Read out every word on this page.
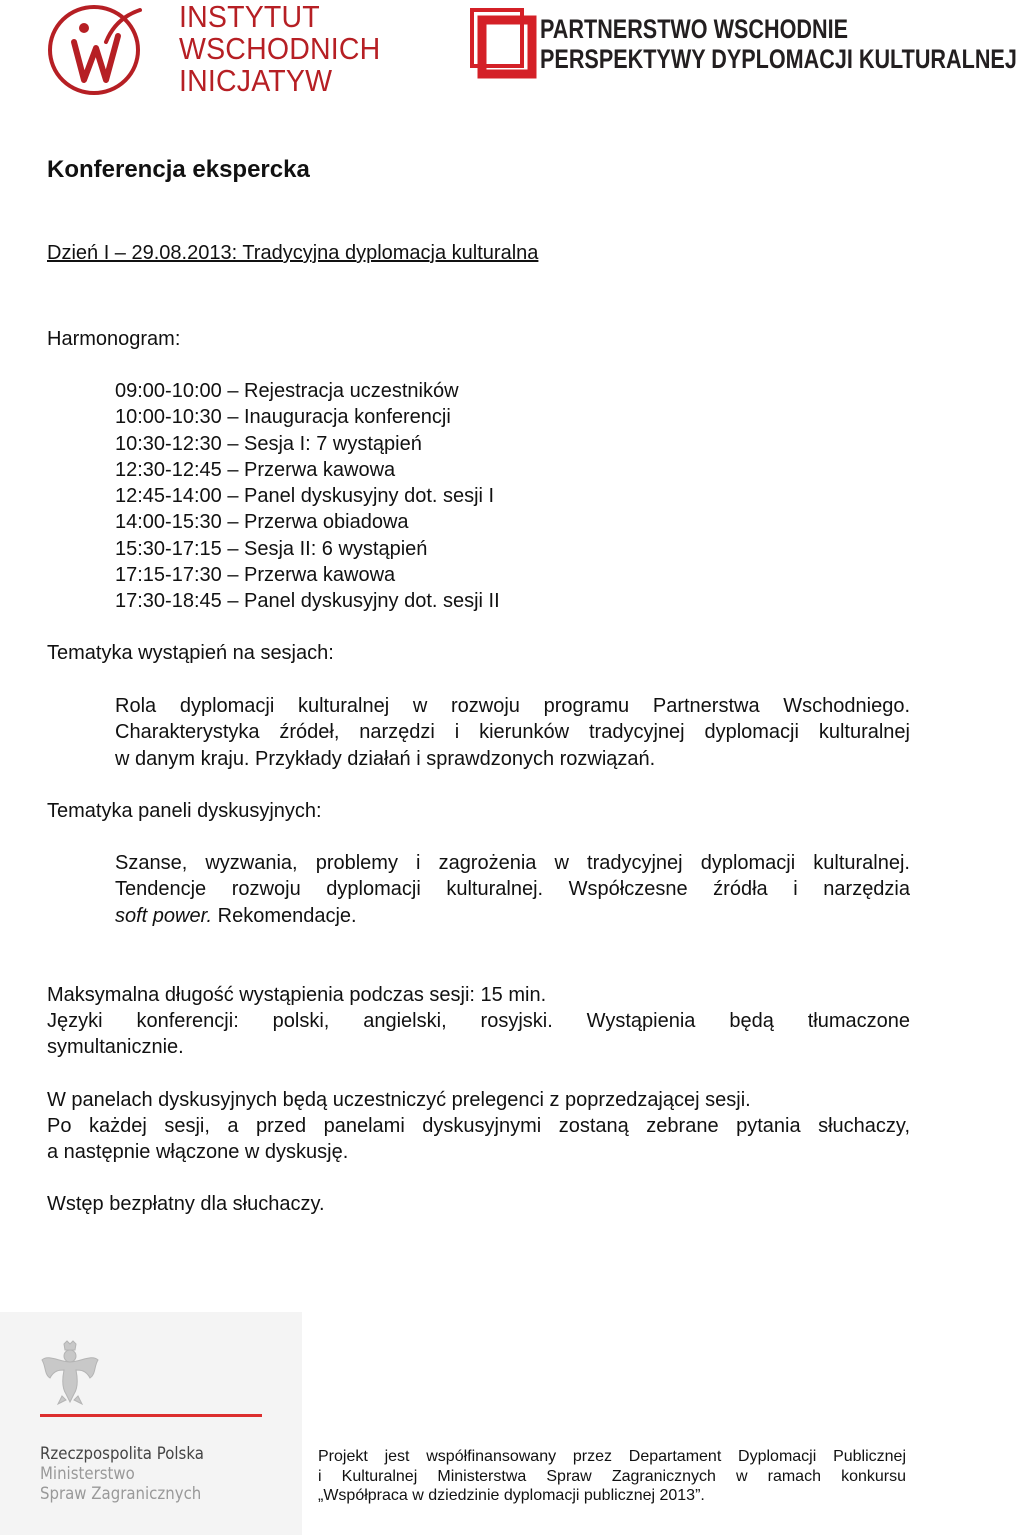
INSTYTUT
WSCHODNICH
INICJATYW
PARTNERSTWO WSCHODNIE
PERSPEKTYWY DYPLOMACJI KULTURALNEJ
Konferencja ekspercka
Dzień I – 29.08.2013: Tradycyjna dyplomacja kulturalna
Harmonogram:
09:00-10:00 – Rejestracja uczestników
10:00-10:30 – Inauguracja konferencji
10:30-12:30 – Sesja I: 7 wystąpień
12:30-12:45 – Przerwa kawowa
12:45-14:00 – Panel dyskusyjny dot. sesji I
14:00-15:30 – Przerwa obiadowa
15:30-17:15 – Sesja II: 6 wystąpień
17:15-17:30 – Przerwa kawowa
17:30-18:45 – Panel dyskusyjny dot. sesji II
Tematyka wystąpień na sesjach:
Rola dyplomacji kulturalnej w rozwoju programu Partnerstwa Wschodniego.
Charakterystyka źródeł, narzędzi i kierunków tradycyjnej dyplomacji kulturalnej
w danym kraju. Przykłady działań i sprawdzonych rozwiązań.
Tematyka paneli dyskusyjnych:
Szanse, wyzwania, problemy i zagrożenia w tradycyjnej dyplomacji kulturalnej.
Tendencje rozwoju dyplomacji kulturalnej. Współczesne źródła i narzędzia
soft power. Rekomendacje.
Maksymalna długość wystąpienia podczas sesji: 15 min.
Języki konferencji: polski, angielski, rosyjski. Wystąpienia będą tłumaczone
symultanicznie.
W panelach dyskusyjnych będą uczestniczyć prelegenci z poprzedzającej sesji.
Po każdej sesji, a przed panelami dyskusyjnymi zostaną zebrane pytania słuchaczy,
a następnie włączone w dyskusję.
Wstęp bezpłatny dla słuchaczy.
Rzeczpospolita Polska
Ministerstwo
Spraw Zagranicznych
Projekt jest współfinansowany przez Departament Dyplomacji Publicznej
i Kulturalnej Ministerstwa Spraw Zagranicznych w ramach konkursu
„Współpraca w dziedzinie dyplomacji publicznej 2013”.
